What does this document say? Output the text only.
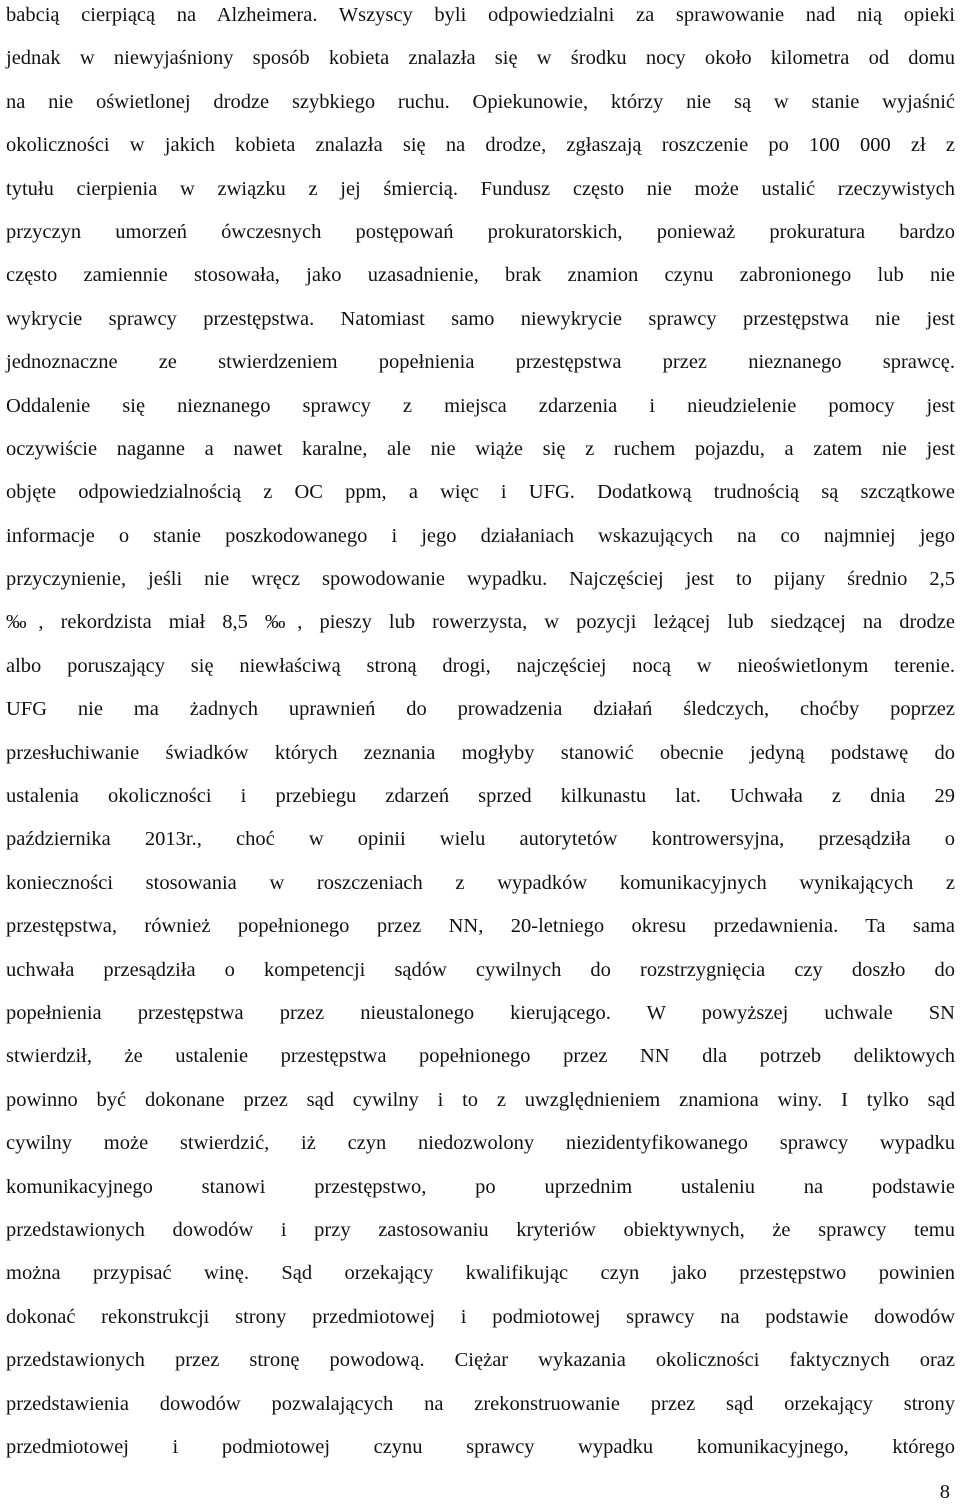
babcią cierpiącą na Alzheimera. Wszyscy byli odpowiedzialni za sprawowanie nad nią opieki
jednak w niewyjaśniony sposób kobieta znalazła się w środku nocy około kilometra od domu
na nie oświetlonej drodze szybkiego ruchu. Opiekunowie, którzy nie są w stanie wyjaśnić
okoliczności w jakich kobieta znalazła się na drodze, zgłaszają roszczenie po 100 000 zł z
tytułu cierpienia w związku z jej śmiercią. Fundusz często nie może ustalić rzeczywistych
przyczyn umorzeń ówczesnych postępowań prokuratorskich, ponieważ prokuratura bardzo
często zamiennie stosowała, jako uzasadnienie, brak znamion czynu zabronionego lub nie
wykrycie sprawcy przestępstwa. Natomiast samo niewykrycie sprawcy przestępstwa nie jest
jednoznaczne ze stwierdzeniem popełnienia przestępstwa przez nieznanego sprawcę.
Oddalenie się nieznanego sprawcy z miejsca zdarzenia i nieudzielenie pomocy jest
oczywiście naganne a nawet karalne, ale nie wiąże się z ruchem pojazdu, a zatem nie jest
objęte odpowiedzialnością z OC ppm, a więc i UFG. Dodatkową trudnością są szczątkowe
informacje o stanie poszkodowanego i jego działaniach wskazujących na co najmniej jego
przyczynienie, jeśli nie wręcz spowodowanie wypadku. Najczęściej jest to pijany średnio 2,5
‰, rekordzista miał 8,5 ‰, pieszy lub rowerzysta, w pozycji leżącej lub siedzącej na drodze
albo poruszający się niewłaściwą stroną drogi, najczęściej nocą w nieoświetlonym terenie.
UFG nie ma żadnych uprawnień do prowadzenia działań śledczych, choćby poprzez
przesłuchiwanie świadków których zeznania mogłyby stanowić obecnie jedyną podstawę do
ustalenia okoliczności i przebiegu zdarzeń sprzed kilkunastu lat. Uchwała z dnia 29
października 2013r., choć w opinii wielu autorytetów kontrowersyjna, przesądziła o
konieczności stosowania w roszczeniach z wypadków komunikacyjnych wynikających z
przestępstwa, również popełnionego przez NN, 20-letniego okresu przedawnienia. Ta sama
uchwała przesądziła o kompetencji sądów cywilnych do rozstrzygnięcia czy doszło do
popełnienia przestępstwa przez nieustalonego kierującego. W powyższej uchwale SN
stwierdził, że ustalenie przestępstwa popełnionego przez NN dla potrzeb deliktowych
powinno być dokonane przez sąd cywilny i to z uwzględnieniem znamiona winy. I tylko sąd
cywilny może stwierdzić, iż czyn niedozwolony niezidentyfikowanego sprawcy wypadku
komunikacyjnego stanowi przestępstwo, po uprzednim ustaleniu na podstawie
przedstawionych dowodów i przy zastosowaniu kryteriów obiektywnych, że sprawcy temu
można przypisać winę. Sąd orzekający kwalifikując czyn jako przestępstwo powinien
dokonać rekonstrukcji strony przedmiotowej i podmiotowej sprawcy na podstawie dowodów
przedstawionych przez stronę powodową. Ciężar wykazania okoliczności faktycznych oraz
przedstawienia dowodów pozwalających na zrekonstruowanie przez sąd orzekający strony
przedmiotowej i podmiotowej czynu sprawcy wypadku komunikacyjnego, którego

8
